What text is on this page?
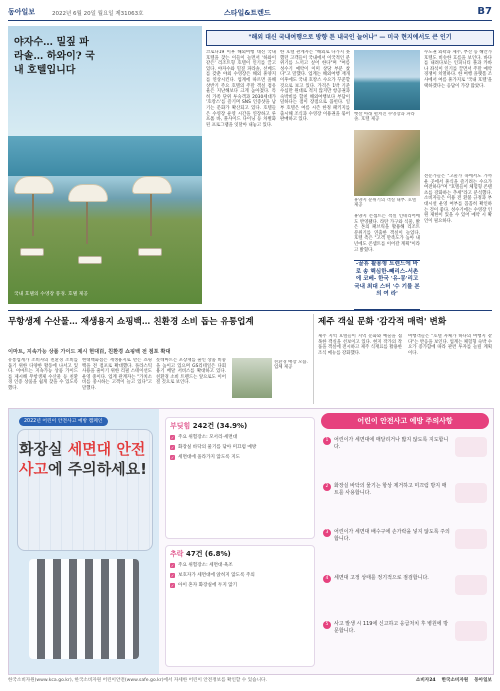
동아일보	2022년 6월 20일 월요일 제31063호	스타일&트렌드	B7
야자수… 밀짚 파라솔… 하와이? 국내 호텔입니다
국내 호텔의 수영장 풍경. 호텔 제공
"해외 대신 국내여행으로 방향 튼 내국인 늘어나" — 미국 현지에서도 큰 인기
코로나19 이후 해외여행 대신 국내 호텔을 찾는 이들이 늘면서 '하와이 같은' 리조트형 호텔이 인기를 끌고 있다. 야자수와 밀짚 파라솔, 선베드를 갖춘 야외 수영장은 해외 휴양지를 연상시킨다. 업계에 따르면 올해 상반기 주요 호텔의 주말 객실 점유율은 지난해보다 크게 높아졌다. 특히 가족 단위 투숙객과 2030세대가 '호캉스'를 즐기며 SNS 인증샷을 남기는 문화가 확산되고 있다. 호텔들은 수영장 운영 시간을 연장하고 루프톱 바, 풀사이드 다이닝 등 차별화된 프로그램을 잇달아 내놓고 있다.
한 호텔 관계자는 "해외로 나가지 못했던 고객들이 국내에서 이국적인 분위기를 느끼고 싶어 한다"며 "여름 성수기 예약이 이미 상당 부분 찼다"고 말했다. 업계는 해외여행 재개 이후에도 국내 호캉스 수요가 꾸준할 것으로 보고 있다. 가격은 1박 기준 수십만 원대로 적지 않지만 항공권과 숙박비를 합친 해외여행보다 부담이 덜하다는 점이 장점으로 꼽힌다. 일부 호텔은 여름 시즌 한정 패키지를 출시해 조식과 수영장 이용권을 묶어 판매하고 있다.
햇살 아래 펼쳐진 수영장과 파라솔. 호텔 제공
휴양지 분위기의 객실 내부. 호텔 제공
휴양지 콘셉트는 객실 인테리어에도 반영됐다. 라탄 가구와 식물, 밝은 톤의 패브릭을 활용해 리조트 분위기를 연출한 객실이 늘었다. 호텔 측은 "고객 만족도가 높아 내년에도 콘셉트를 이어갈 계획"이라고 밝혔다.
-꿀휴 활용형 트렌드에 바로 송 핵심한-빼리스-서촌에 코베- 한국 '유-몽'리고 국내 최대 스터 '수 기를 본 의 여 라'
수도권 외곽과 제주, 부산 등 해안가 호텔도 비슷한 흐름을 보인다. 바다를 내려다보는 인피니티 풀과 카바나 좌석이 인기를 끌면서 주말 예약 경쟁이 치열하다. 한 여행 플랫폼 조사에서 여름 휴가지로 '국내 호텔'을 택하겠다는 응답이 가장 많았다.
전문가들은 "고물가 속에서도 가까운 곳에서 휴식을 즐기려는 수요가 여전하다"며 "호텔들이 체험형 콘텐츠를 강화하는 추세"라고 분석했다. 소비자들은 이용 전 환불 규정과 부대시설 운영 여부를 꼼꼼히 확인하는 것이 좋다. 성수기에는 수영장 인원 제한이 있을 수 있어 예약 시 확인이 필요하다.
무항생제 수산물… 재생용지 쇼핑백… 친환경 소비 돕는 유통업계
이마트, 지속가능 상품 가이드 제시 현대百, 친환경 쇼핑백 전 점포 확대
유통업계가 소비자의 친환경 소비를 돕기 위한 다양한 활동에 나서고 있다. 이마트는 지속가능 상품 가이드를 제시해 무항생제 수산물 등 친환경 인증 상품을 쉽게 찾을 수 있도록 했다.
현대백화점은 재생용지로 만든 쇼핑백을 전 점포로 확대했다. 플라스틱 사용을 줄이기 위한 리필 스테이션도 운영 중이다. 업계 관계자는 "가치소비를 중시하는 고객이 늘고 있다"고 말했다.
롯데마트는 포장재를 줄인 상품 비중을 높이고 있으며 GS리테일은 다회용기 배달 서비스를 확대하고 있다. 친환경 소비 트렌드는 앞으로도 이어질 것으로 보인다.
친환경 매장 모습. 업체 제공
제주 객실 문화 '감각적 매력' 변화
제주 지역 호텔들이 지역 문화와 예술을 접목한 객실을 선보이고 있다. 현지 작가의 작품을 객실에 전시하고 제주 식재료를 활용한 조식 메뉴를 강화했다.
여행객들은 "호텔 자체가 하나의 여행지 같다"는 반응을 보인다. 업계는 체험형 숙박 수요가 증가함에 따라 관련 투자를 늘릴 계획이다.
2022년 어린이 안전사고 예방 캠페인
화장실 세면대 안전사고에 주의하세요!
부딪힘 242건 (34.9%)
✓ 주요 위험장소: 모서리·세면대
✓ 화장실 바닥의 물기를 닦아 미끄럼 예방
✓ 세면대에 올라가지 않도록 지도
추락 47건 (6.8%)
✓ 주요 위험장소: 세면대·욕조
✓ 보호자가 세면대에 앉히지 않도록 주의
✓ 아이 혼자 화장실에 두지 않기
어린이 안전사고 예방 주의사항
1	어린이가 세면대에 매달리거나 밟지 않도록 지도합니다.
2	화장실 바닥의 물기는 항상 제거하고 미끄럼 방지 매트를 사용합니다.
3	어린이가 세면대 배수구에 손가락을 넣지 않도록 주의합니다.
4	세면대 고정 상태를 정기적으로 점검합니다.
5	사고 발생 시 119에 신고하고 응급처치 후 병원에 방문합니다.
한국소비자원(www.kca.go.kr), 한국소비자원 어린이안전(www.safe.go.kr)에서 자세한 어린이 안전정보를 확인할 수 있습니다.	소비자24 한국소비자원 동아일보
